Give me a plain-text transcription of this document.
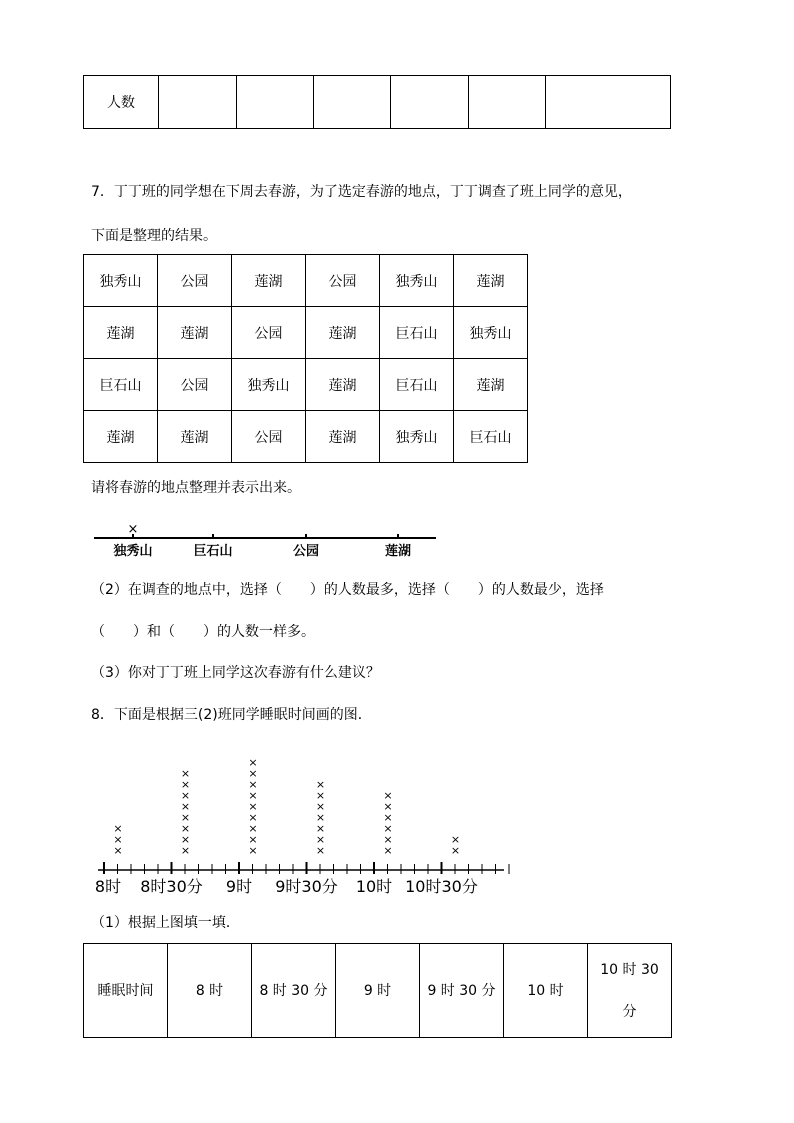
人数						
7．丁丁班的同学想在下周去春游，为了选定春游的地点，丁丁调查了班上同学的意见，
下面是整理的结果。
独秀山	公园	莲湖	公园	独秀山	莲湖
莲湖	莲湖	公园	莲湖	巨石山	独秀山
巨石山	公园	独秀山	莲湖	巨石山	莲湖
莲湖	莲湖	公园	莲湖	独秀山	巨石山
请将春游的地点整理并表示出来。
独秀山
×
巨石山	公园	莲湖
（2）在调查的地点中，选择（　　）的人数最多，选择（　　）的人数最少，选择
（　　）和（　　）的人数一样多。
（3）你对丁丁班上同学这次春游有什么建议？
8．下面是根据三(2)班同学睡眠时间画的图．
8时 8时30分 9时 9时30分 10时 10时30分
×
×
×
×
×
×
×
×
×
×
×
×
×
×
×
×
×
×
×
×
×
×
×
×
×
×
×
×
×
×
×
×
×
×
×
（1）根据上图填一填．
睡眠时间	8 时	8 时 30 分	9 时	9 时 30 分	10 时	10 时 30
分
